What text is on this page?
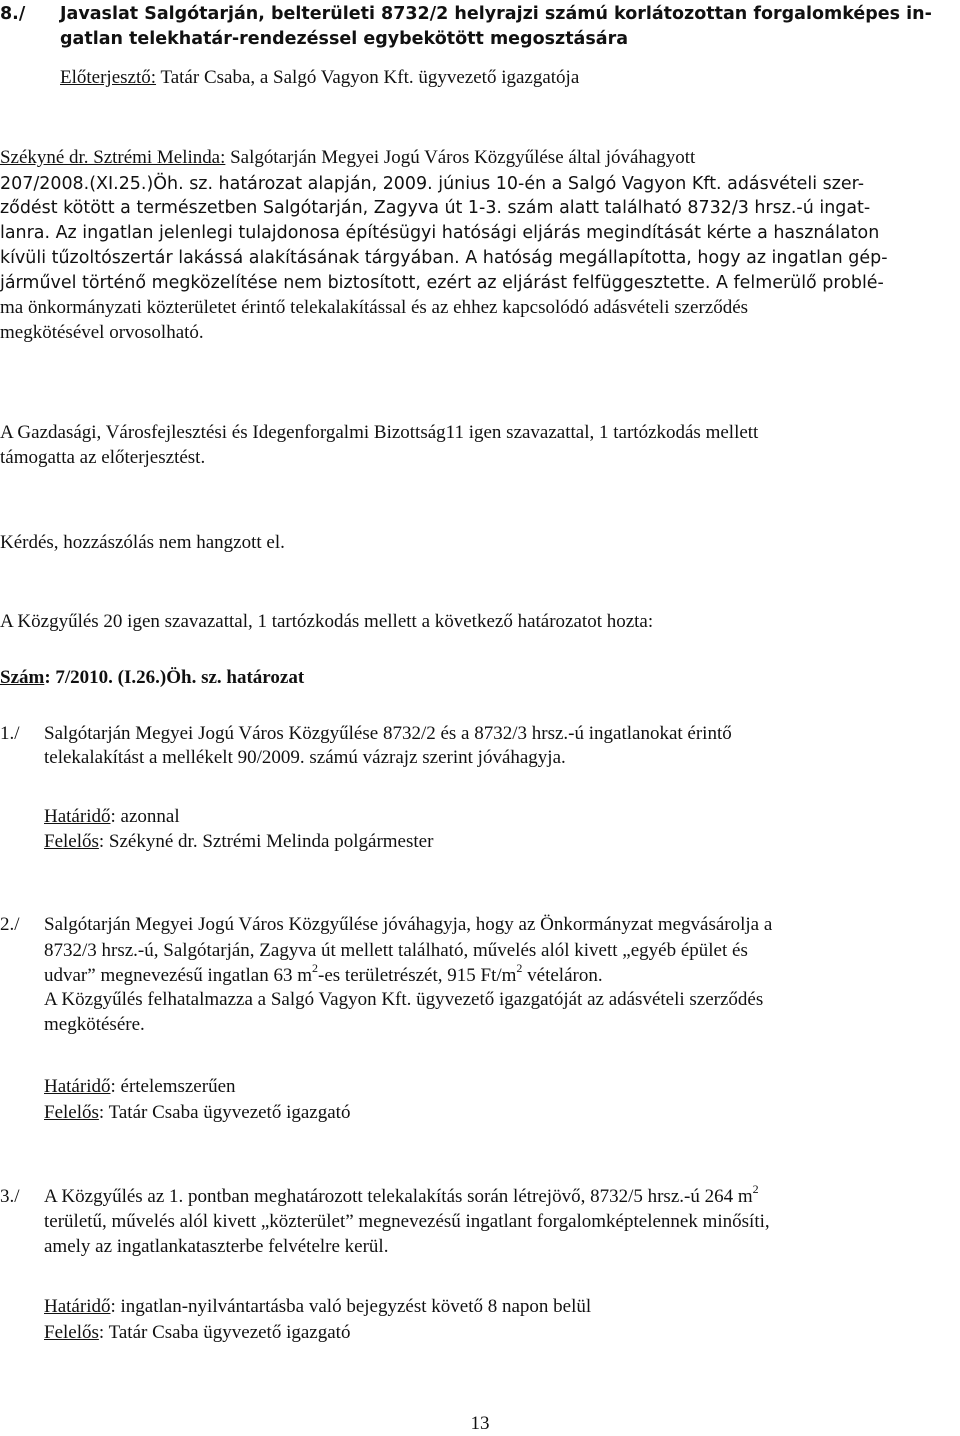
8./ Javaslat Salgótarján, belterületi 8732/2 helyrajzi számú korlátozottan forgalomképes in-
gatlan telekhatár-rendezéssel egybekötött megosztására
Előterjesztő: Tatár Csaba, a Salgó Vagyon Kft. ügyvezető igazgatója
Székyné dr. Sztrémi Melinda: Salgótarján Megyei Jogú Város Közgyűlése által jóváhagyott
207/2008.(XI.25.)Öh. sz. határozat alapján, 2009. június 10-én a Salgó Vagyon Kft. adásvételi szer-
ződést kötött a természetben Salgótarján, Zagyva út 1-3. szám alatt található 8732/3 hrsz.-ú ingat-
lanra. Az ingatlan jelenlegi tulajdonosa építésügyi hatósági eljárás megindítását kérte a használaton
kívüli tűzoltószertár lakássá alakításának tárgyában. A hatóság megállapította, hogy az ingatlan gép-
járművel történő megközelítése nem biztosított, ezért az eljárást felfüggesztette. A felmerülő problé-
ma önkormányzati közterületet érintő telekalakítással és az ehhez kapcsolódó adásvételi szerződés
megkötésével orvosolható.
A Gazdasági, Városfejlesztési és Idegenforgalmi Bizottság11 igen szavazattal, 1 tartózkodás mellett
támogatta az előterjesztést.
Kérdés, hozzászólás nem hangzott el.
A Közgyűlés 20 igen szavazattal, 1 tartózkodás mellett a következő határozatot hozta:
Szám: 7/2010. (I.26.)Öh. sz. határozat
1./ Salgótarján Megyei Jogú Város Közgyűlése 8732/2 és a 8732/3 hrsz.-ú ingatlanokat érintő
telekalakítást a mellékelt 90/2009. számú vázrajz szerint jóváhagyja.
Határidő: azonnal
Felelős: Székyné dr. Sztrémi Melinda polgármester
2./ Salgótarján Megyei Jogú Város Közgyűlése jóváhagyja, hogy az Önkormányzat megvásárolja a
8732/3 hrsz.-ú, Salgótarján, Zagyva út mellett található, művelés alól kivett „egyéb épület és
udvar” megnevezésű ingatlan 63 $m^2-es$ területrészét, 915 $Ft/m^2$ vételáron.
A Közgyűlés felhatalmazza a Salgó Vagyon Kft. ügyvezető igazgatóját az adásvételi szerződés
megkötésére.
Határidő: értelemszerűen
Felelős: Tatár Csaba ügyvezető igazgató
3./ A Közgyűlés az 1. pontban meghatározott telekalakítás során létrejövő, 8732/5 hrsz.-ú 264 $m^2$
területű, művelés alól kivett „közterület” megnevezésű ingatlant forgalomképtelennek minősíti,
amely az ingatlankataszterbe felvételre kerül.
Határidő: ingatlan-nyilvántartásba való bejegyzést követő 8 napon belül
Felelős: Tatár Csaba ügyvezető igazgató
13
